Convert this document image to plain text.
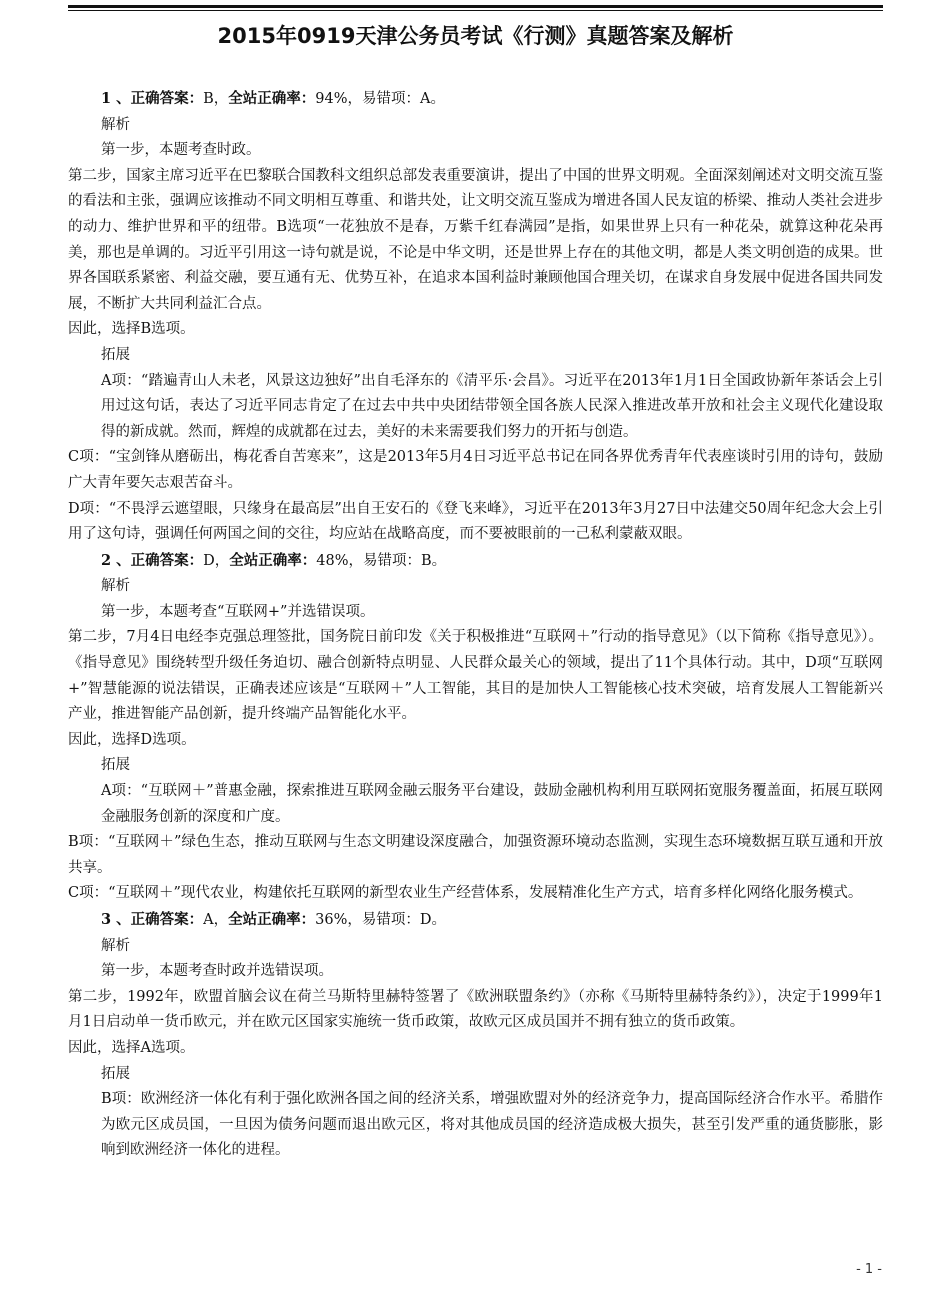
2015年0919天津公务员考试《行测》真题答案及解析

1 、正确答案：B，全站正确率：94%，易错项：A。

解析

第一步，本题考查时政。

第二步，国家主席习近平在巴黎联合国教科文组织总部发表重要演讲，提出了中国的世界文明观。全面深刻阐述对文明交流互鉴的看法和主张，强调应该推动不同文明相互尊重、和谐共处，让文明交流互鉴成为增进各国人民友谊的桥梁、推动人类社会进步的动力、维护世界和平的纽带。B选项“一花独放不是春，万紫千红春满园”是指，如果世界上只有一种花朵，就算这种花朵再美，那也是单调的。习近平引用这一诗句就是说，不论是中华文明，还是世界上存在的其他文明，都是人类文明创造的成果。世界各国联系紧密、利益交融，要互通有无、优势互补，在追求本国利益时兼顾他国合理关切，在谋求自身发展中促进各国共同发展，不断扩大共同利益汇合点。

因此，选择B选项。

拓展

A项：“踏遍青山人未老，风景这边独好”出自毛泽东的《清平乐·会昌》。习近平在2013年1月1日全国政协新年茶话会上引用过这句话，表达了习近平同志肯定了在过去中共中央团结带领全国各族人民深入推进改革开放和社会主义现代化建设取得的新成就。然而，辉煌的成就都在过去，美好的未来需要我们努力的开拓与创造。

C项：“宝剑锋从磨砺出，梅花香自苦寒来”，这是2013年5月4日习近平总书记在同各界优秀青年代表座谈时引用的诗句，鼓励广大青年要矢志艰苦奋斗。

D项：“不畏浮云遮望眼，只缘身在最高层”出自王安石的《登飞来峰》，习近平在2013年3月27日中法建交50周年纪念大会上引用了这句诗，强调任何两国之间的交往，均应站在战略高度，而不要被眼前的一己私利蒙蔽双眼。

2 、正确答案：D，全站正确率：48%，易错项：B。

解析

第一步，本题考查“互联网+”并选错误项。

第二步，7月4日电经李克强总理签批，国务院日前印发《关于积极推进“互联网＋”行动的指导意见》（以下简称《指导意见》）。《指导意见》围绕转型升级任务迫切、融合创新特点明显、人民群众最关心的领域，提出了11个具体行动。其中，D项“互联网+”智慧能源的说法错误，正确表述应该是“互联网＋”人工智能，其目的是加快人工智能核心技术突破，培育发展人工智能新兴产业，推进智能产品创新，提升终端产品智能化水平。

因此，选择D选项。

拓展

A项：“互联网＋”普惠金融，探索推进互联网金融云服务平台建设，鼓励金融机构利用互联网拓宽服务覆盖面，拓展互联网金融服务创新的深度和广度。

B项：“互联网＋”绿色生态，推动互联网与生态文明建设深度融合，加强资源环境动态监测，实现生态环境数据互联互通和开放共享。

C项：“互联网＋”现代农业，构建依托互联网的新型农业生产经营体系，发展精准化生产方式，培育多样化网络化服务模式。

3 、正确答案：A，全站正确率：36%，易错项：D。

解析

第一步，本题考查时政并选错误项。

第二步，1992年，欧盟首脑会议在荷兰马斯特里赫特签署了《欧洲联盟条约》（亦称《马斯特里赫特条约》），决定于1999年1月1日启动单一货币欧元，并在欧元区国家实施统一货币政策，故欧元区成员国并不拥有独立的货币政策。

因此，选择A选项。

拓展

B项：欧洲经济一体化有利于强化欧洲各国之间的经济关系，增强欧盟对外的经济竞争力，提高国际经济合作水平。希腊作为欧元区成员国，一旦因为债务问题而退出欧元区，将对其他成员国的经济造成极大损失，甚至引发严重的通货膨胀，影响到欧洲经济一体化的进程。

- 1 -
